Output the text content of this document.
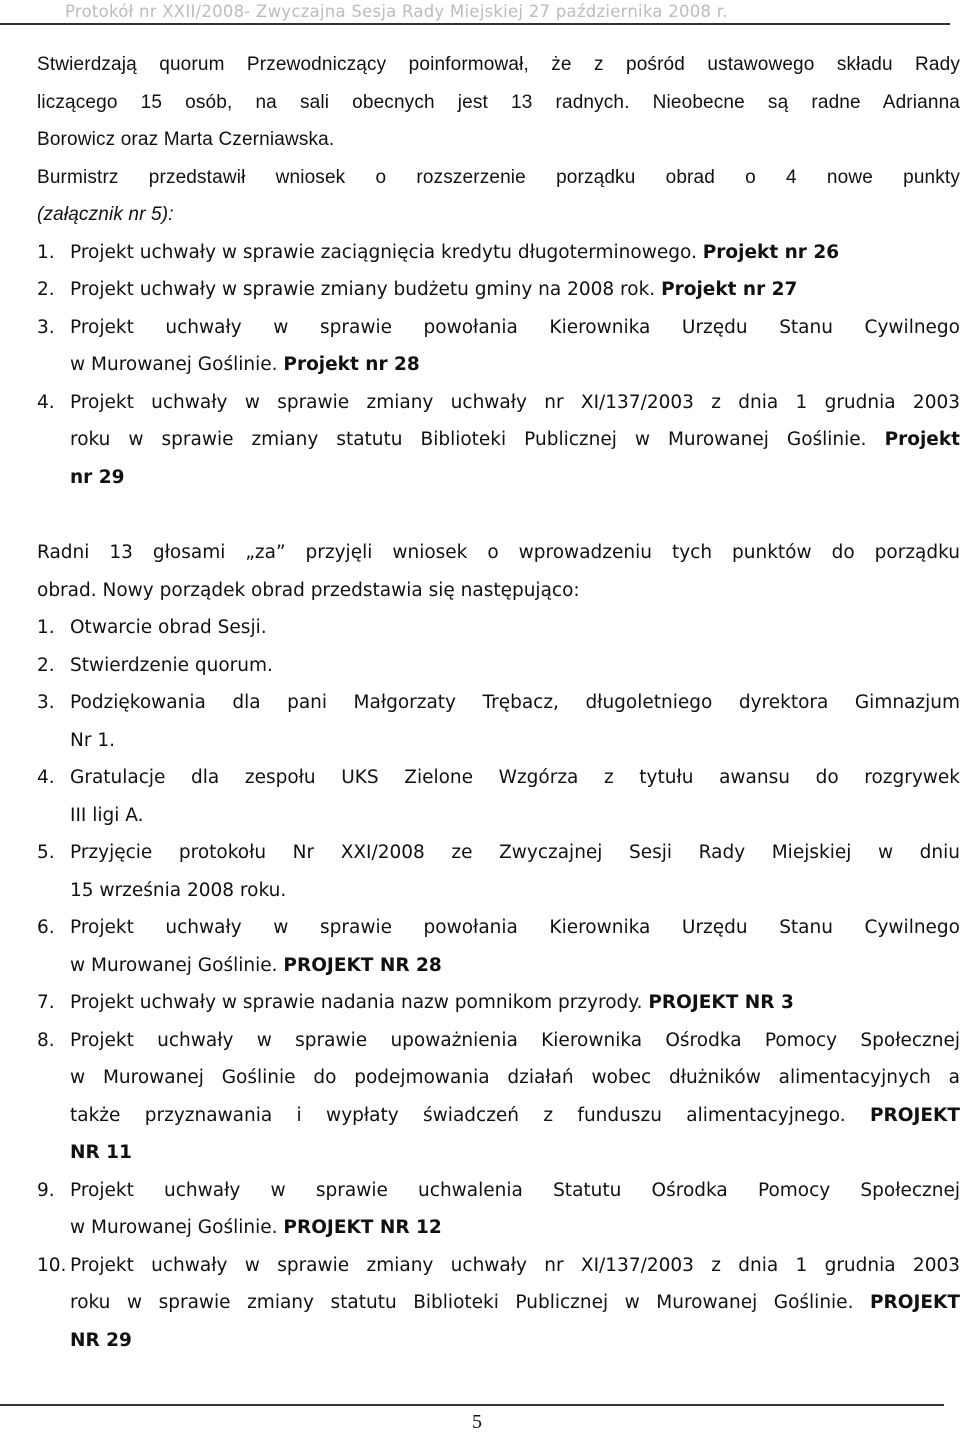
Protokół nr XXII/2008- Zwyczajna Sesja Rady Miejskiej 27 października 2008 r.
Stwierdzają quorum Przewodniczący poinformował, że z pośród ustawowego składu Rady
liczącego 15 osób, na sali obecnych jest 13 radnych. Nieobecne są radne Adrianna
Borowicz oraz Marta Czerniawska.
Burmistrz przedstawił wniosek o rozszerzenie porządku obrad o 4 nowe punkty
(załącznik nr 5):
1. Projekt uchwały w sprawie zaciągnięcia kredytu długoterminowego. Projekt nr 26
2. Projekt uchwały w sprawie zmiany budżetu gminy na 2008 rok. Projekt nr 27
3. Projekt uchwały w sprawie powołania Kierownika Urzędu Stanu Cywilnego
w Murowanej Goślinie. Projekt nr 28
4. Projekt uchwały w sprawie zmiany uchwały nr XI/137/2003 z dnia 1 grudnia 2003
roku w sprawie zmiany statutu Biblioteki Publicznej w Murowanej Goślinie. Projekt
nr 29
Radni 13 głosami „za” przyjęli wniosek o wprowadzeniu tych punktów do porządku
obrad. Nowy porządek obrad przedstawia się następująco:
1. Otwarcie obrad Sesji.
2. Stwierdzenie quorum.
3. Podziękowania dla pani Małgorzaty Trębacz, długoletniego dyrektora Gimnazjum
Nr 1.
4. Gratulacje dla zespołu UKS Zielone Wzgórza z tytułu awansu do rozgrywek
III ligi A.
5. Przyjęcie protokołu Nr XXI/2008 ze Zwyczajnej Sesji Rady Miejskiej w dniu
15 września 2008 roku.
6. Projekt uchwały w sprawie powołania Kierownika Urzędu Stanu Cywilnego
w Murowanej Goślinie. PROJEKT NR 28
7. Projekt uchwały w sprawie nadania nazw pomnikom przyrody. PROJEKT NR 3
8. Projekt uchwały w sprawie upoważnienia Kierownika Ośrodka Pomocy Społecznej
w Murowanej Goślinie do podejmowania działań wobec dłużników alimentacyjnych a
także przyznawania i wypłaty świadczeń z funduszu alimentacyjnego. PROJEKT
NR 11
9. Projekt uchwały w sprawie uchwalenia Statutu Ośrodka Pomocy Społecznej
w Murowanej Goślinie. PROJEKT NR 12
10. Projekt uchwały w sprawie zmiany uchwały nr XI/137/2003 z dnia 1 grudnia 2003
roku w sprawie zmiany statutu Biblioteki Publicznej w Murowanej Goślinie. PROJEKT
NR 29
5
